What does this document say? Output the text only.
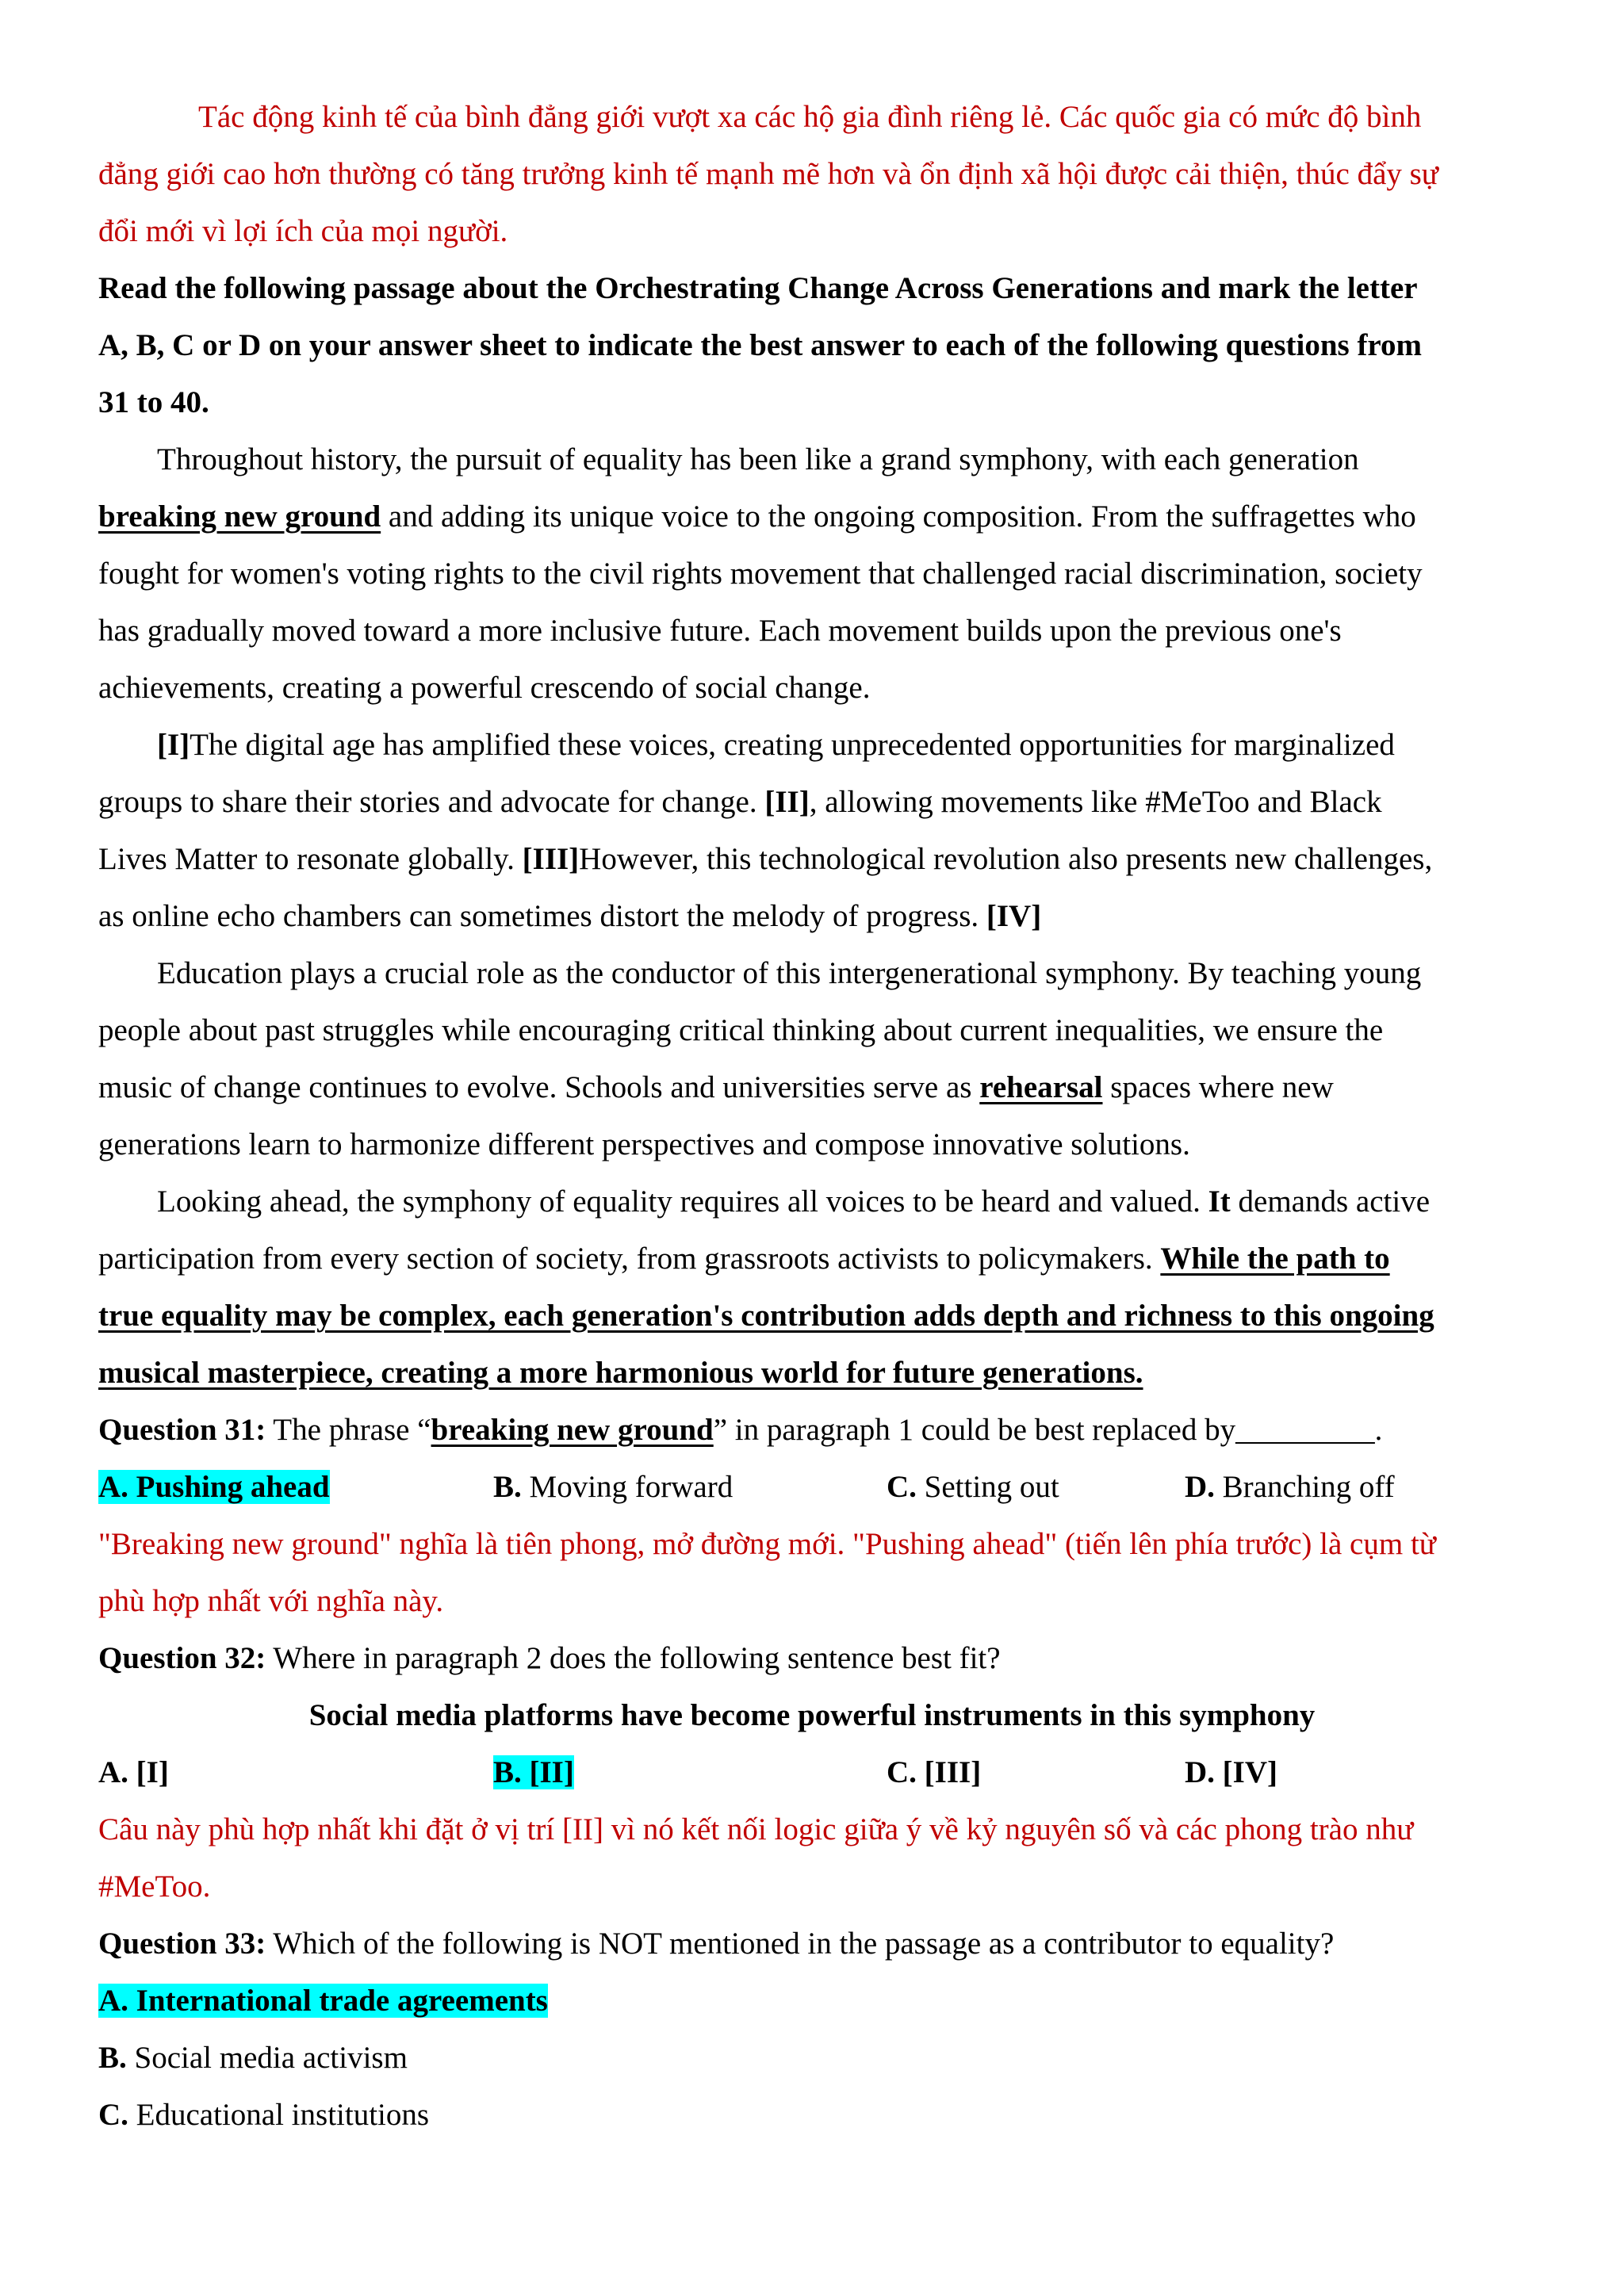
Tác động kinh tế của bình đẳng giới vượt xa các hộ gia đình riêng lẻ. Các quốc gia có mức độ bình
đẳng giới cao hơn thường có tăng trưởng kinh tế mạnh mẽ hơn và ổn định xã hội được cải thiện, thúc đẩy sự
đổi mới vì lợi ích của mọi người.
Read the following passage about the Orchestrating Change Across Generations and mark the letter
A, B, C or D on your answer sheet to indicate the best answer to each of the following questions from
31 to 40.
Throughout history, the pursuit of equality has been like a grand symphony, with each generation
breaking new ground and adding its unique voice to the ongoing composition. From the suffragettes who
fought for women's voting rights to the civil rights movement that challenged racial discrimination, society
has gradually moved toward a more inclusive future. Each movement builds upon the previous one's
achievements, creating a powerful crescendo of social change.
[I]The digital age has amplified these voices, creating unprecedented opportunities for marginalized
groups to share their stories and advocate for change. [II], allowing movements like #MeToo and Black
Lives Matter to resonate globally. [III]However, this technological revolution also presents new challenges,
as online echo chambers can sometimes distort the melody of progress. [IV]
Education plays a crucial role as the conductor of this intergenerational symphony. By teaching young
people about past struggles while encouraging critical thinking about current inequalities, we ensure the
music of change continues to evolve. Schools and universities serve as rehearsal spaces where new
generations learn to harmonize different perspectives and compose innovative solutions.
Looking ahead, the symphony of equality requires all voices to be heard and valued. It demands active
participation from every section of society, from grassroots activists to policymakers. While the path to
true equality may be complex, each generation's contribution adds depth and richness to this ongoing
musical masterpiece, creating a more harmonious world for future generations.
Question 31: The phrase “breaking new ground” in paragraph 1 could be best replaced by_________.
A. Pushing ahead	B. Moving forward	C. Setting out	D. Branching off
"Breaking new ground" nghĩa là tiên phong, mở đường mới. "Pushing ahead" (tiến lên phía trước) là cụm từ
phù hợp nhất với nghĩa này.
Question 32: Where in paragraph 2 does the following sentence best fit?
Social media platforms have become powerful instruments in this symphony
A. [I]	B. [II]	C. [III]	D. [IV]
Câu này phù hợp nhất khi đặt ở vị trí [II] vì nó kết nối logic giữa ý về kỷ nguyên số và các phong trào như
#MeToo.
Question 33: Which of the following is NOT mentioned in the passage as a contributor to equality?
A. International trade agreements
B. Social media activism
C. Educational institutions
